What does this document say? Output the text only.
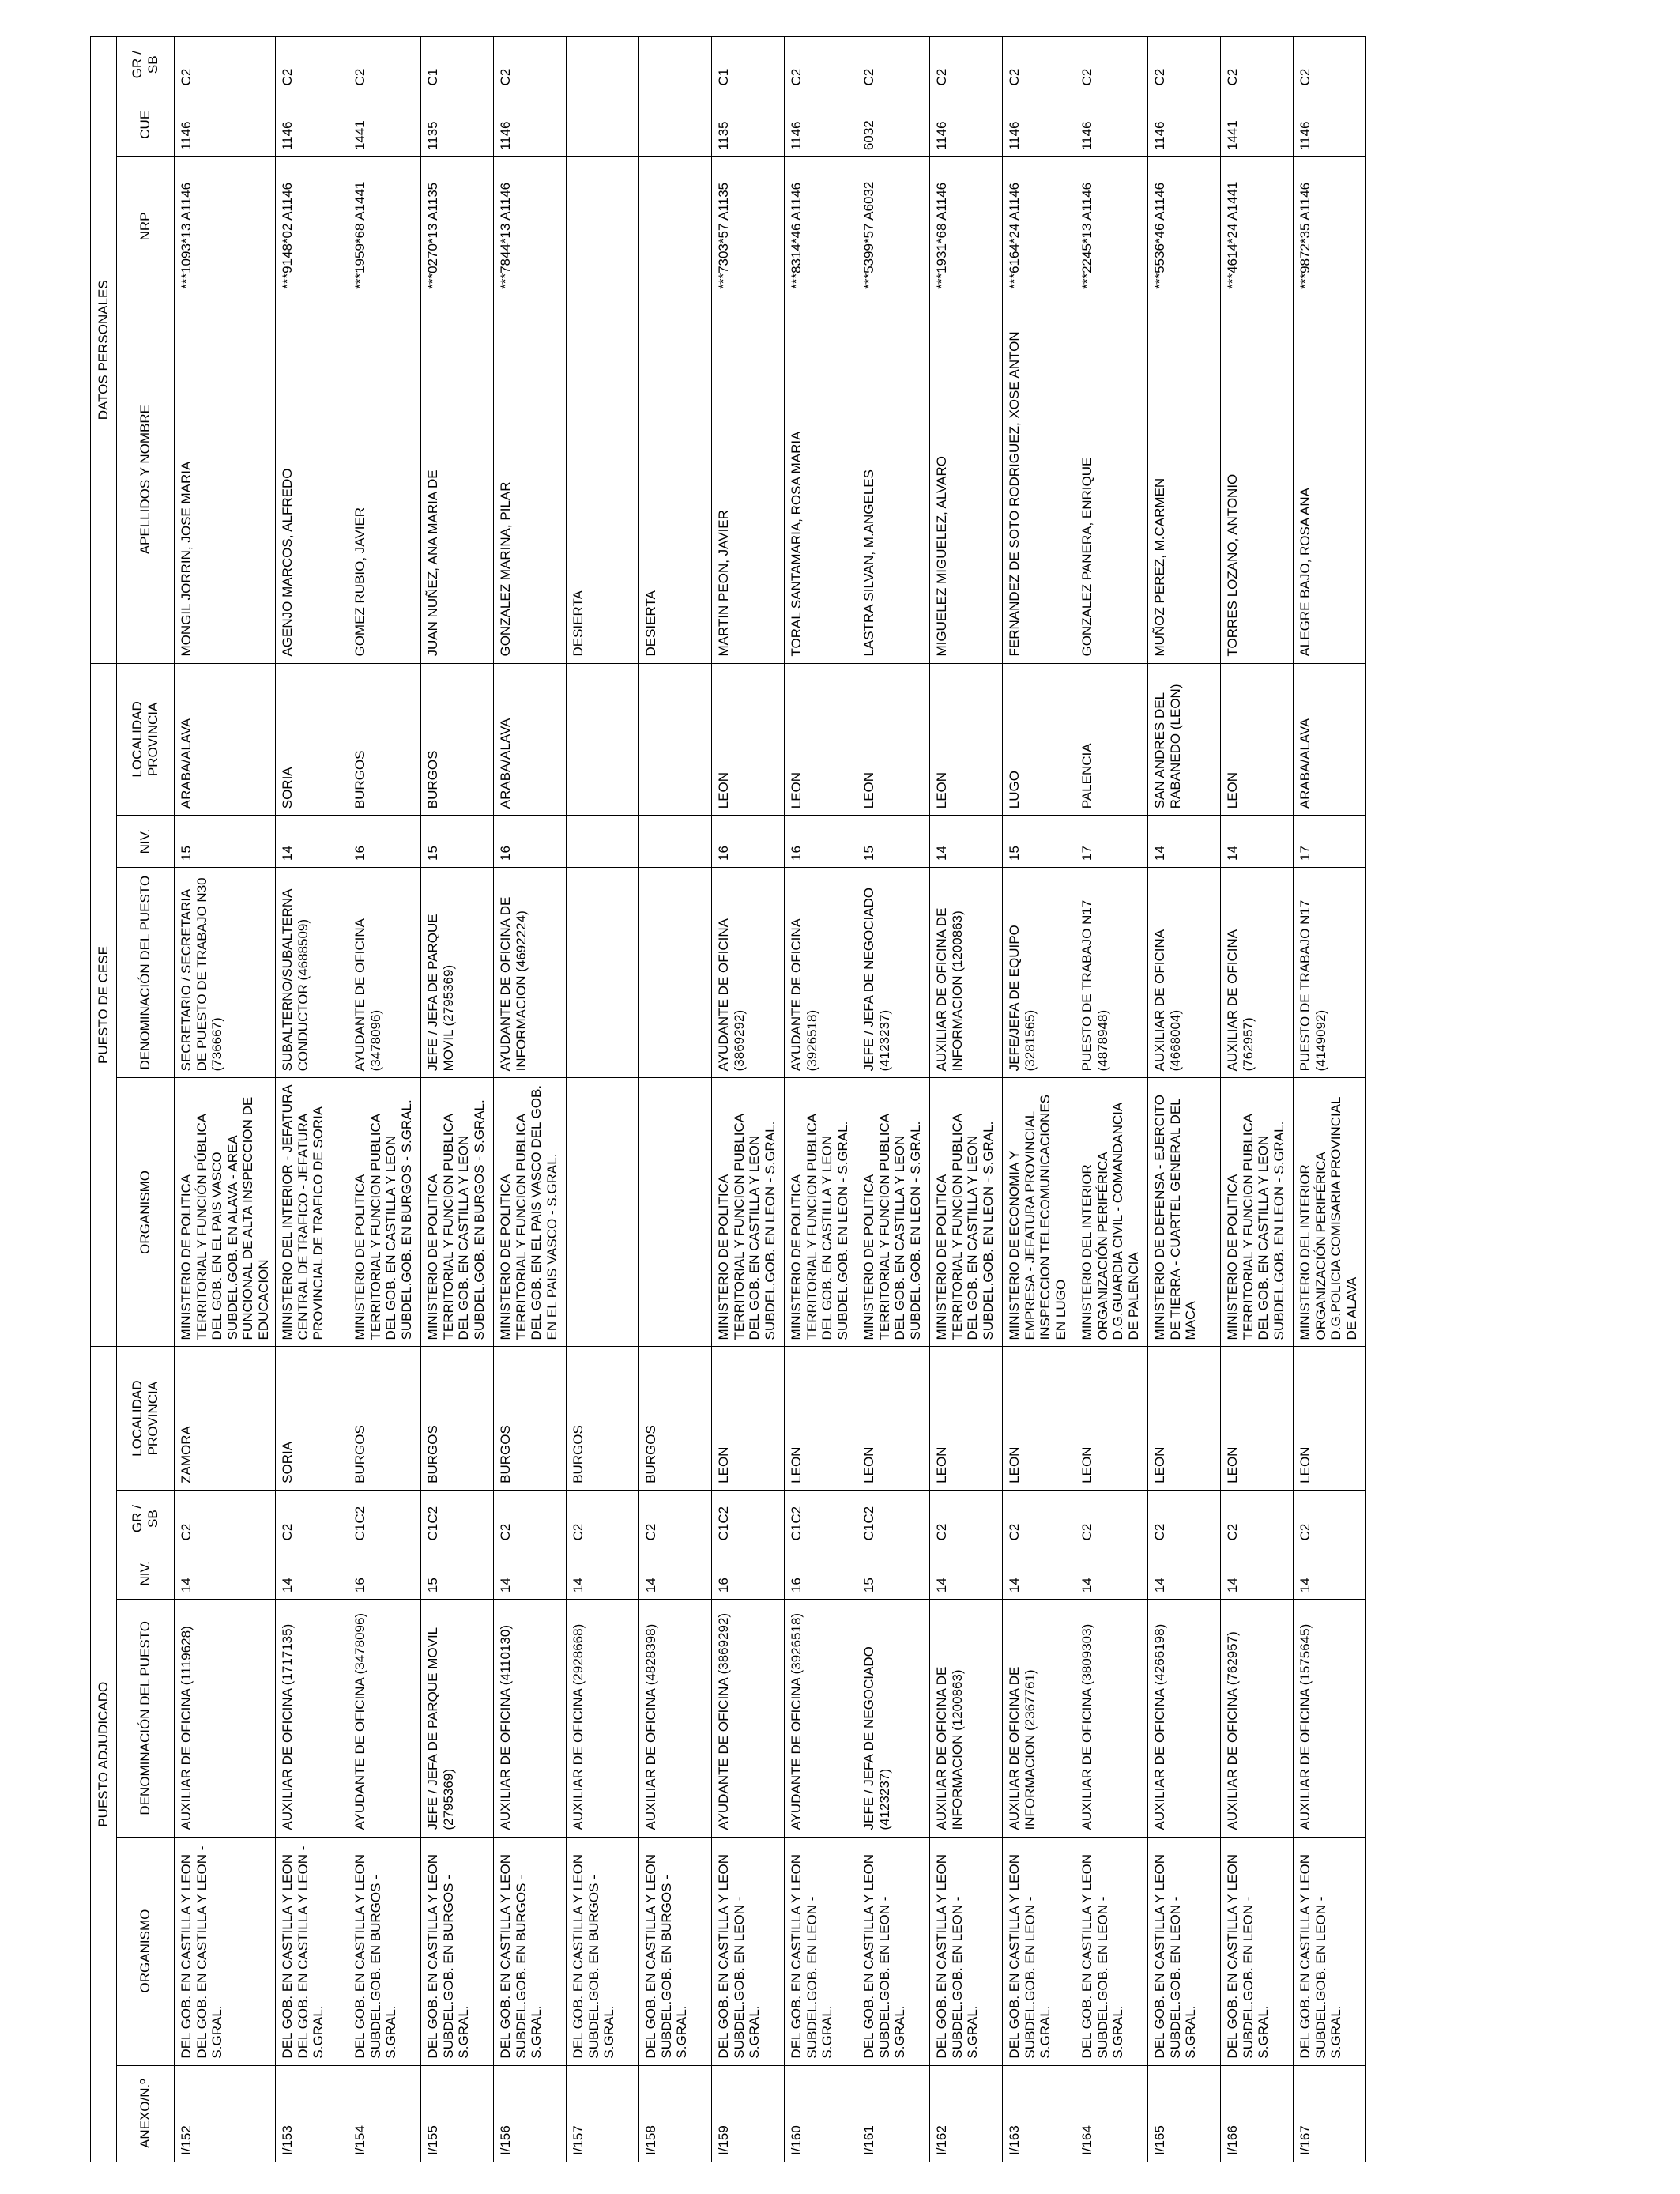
PUESTO ADJUDICADO						PUESTO DE CESE				DATOS PERSONALES			
ANEXO/N.º	ORGANISMO	DENOMINACIÓN DEL PUESTO	NIV.	GR / SB	LOCALIDAD PROVINCIA	ORGANISMO	DENOMINACIÓN DEL PUESTO	NIV.	LOCALIDAD PROVINCIA	APELLIDOS Y NOMBRE	NRP	CUE	GR / SB
I/152	DEL GOB. EN CASTILLA Y LEON DEL GOB. EN CASTILLA Y LEON - S.GRAL.	AUXILIAR DE OFICINA (1119628)	14	C2	ZAMORA	MINISTERIO DE POLITICA TERRITORIAL Y FUNCIÓN PÚBLICA DEL GOB. EN EL PAIS VASCO SUBDEL.GOB. EN ALAVA - AREA FUNCIONAL DE ALTA INSPECCION DE EDUCACION	SECRETARIO / SECRETARIA DE PUESTO DE TRABAJO N30 (736667)	15	ARABA/ALAVA	MONGIL JORRIN, JOSE MARIA	***1093*13 A1146	1146	C2
I/153	DEL GOB. EN CASTILLA Y LEON DEL GOB. EN CASTILLA Y LEON - S.GRAL.	AUXILIAR DE OFICINA (1717135)	14	C2	SORIA	MINISTERIO DEL INTERIOR - JEFATURA CENTRAL DE TRAFICO - JEFATURA PROVINCIAL DE TRAFICO DE SORIA	SUBALTERNO/SUBALTERNA CONDUCTOR (4688509)	14	SORIA	AGENJO MARCOS, ALFREDO	***9148*02 A1146	1146	C2
I/154	DEL GOB. EN CASTILLA Y LEON SUBDEL.GOB. EN BURGOS - S.GRAL.	AYUDANTE DE OFICINA (3478096)	16	C1C2	BURGOS	MINISTERIO DE POLITICA TERRITORIAL Y FUNCION PUBLICA DEL GOB. EN CASTILLA Y LEON SUBDEL.GOB. EN BURGOS - S.GRAL.	AYUDANTE DE OFICINA (3478096)	16	BURGOS	GOMEZ RUBIO, JAVIER	***1959*68 A1441	1441	C2
I/155	DEL GOB. EN CASTILLA Y LEON SUBDEL.GOB. EN BURGOS - S.GRAL.	JEFE / JEFA DE PARQUE MOVIL (2795369)	15	C1C2	BURGOS	MINISTERIO DE POLITICA TERRITORIAL Y FUNCION PUBLICA DEL GOB. EN CASTILLA Y LEON SUBDEL.GOB. EN BURGOS - S.GRAL.	JEFE / JEFA DE PARQUE MOVIL (2795369)	15	BURGOS	JUAN NUÑEZ, ANA MARIA DE	***0270*13 A1135	1135	C1
I/156	DEL GOB. EN CASTILLA Y LEON SUBDEL.GOB. EN BURGOS - S.GRAL.	AUXILIAR DE OFICINA (4110130)	14	C2	BURGOS	MINISTERIO DE POLITICA TERRITORIAL Y FUNCION PUBLICA DEL GOB. EN EL PAIS VASCO DEL GOB. EN EL PAIS VASCO - S.GRAL.	AYUDANTE DE OFICINA DE INFORMACION (4692224)	16	ARABA/ALAVA	GONZALEZ MARINA, PILAR	***7844*13 A1146	1146	C2
I/157	DEL GOB. EN CASTILLA Y LEON SUBDEL.GOB. EN BURGOS - S.GRAL.	AUXILIAR DE OFICINA (2928668)	14	C2	BURGOS					DESIERTA			
I/158	DEL GOB. EN CASTILLA Y LEON SUBDEL.GOB. EN BURGOS - S.GRAL.	AUXILIAR DE OFICINA (4828398)	14	C2	BURGOS					DESIERTA			
I/159	DEL GOB. EN CASTILLA Y LEON SUBDEL.GOB. EN LEON - S.GRAL.	AYUDANTE DE OFICINA (3869292)	16	C1C2	LEON	MINISTERIO DE POLITICA TERRITORIAL Y FUNCION PUBLICA DEL GOB. EN CASTILLA Y LEON SUBDEL.GOB. EN LEON - S.GRAL.	AYUDANTE DE OFICINA (3869292)	16	LEON	MARTIN PEON, JAVIER	***7303*57 A1135	1135	C1
I/160	DEL GOB. EN CASTILLA Y LEON SUBDEL.GOB. EN LEON - S.GRAL.	AYUDANTE DE OFICINA (3926518)	16	C1C2	LEON	MINISTERIO DE POLITICA TERRITORIAL Y FUNCION PUBLICA DEL GOB. EN CASTILLA Y LEON SUBDEL.GOB. EN LEON - S.GRAL.	AYUDANTE DE OFICINA (3926518)	16	LEON	TORAL SANTAMARIA, ROSA MARIA	***8314*46 A1146	1146	C2
I/161	DEL GOB. EN CASTILLA Y LEON SUBDEL.GOB. EN LEON - S.GRAL.	JEFE / JEFA DE NEGOCIADO (4123237)	15	C1C2	LEON	MINISTERIO DE POLITICA TERRITORIAL Y FUNCION PUBLICA DEL GOB. EN CASTILLA Y LEON SUBDEL.GOB. EN LEON - S.GRAL.	JEFE / JEFA DE NEGOCIADO (4123237)	15	LEON	LASTRA SILVAN, M.ANGELES	***5399*57 A6032	6032	C2
I/162	DEL GOB. EN CASTILLA Y LEON SUBDEL.GOB. EN LEON - S.GRAL.	AUXILIAR DE OFICINA DE INFORMACION (1200863)	14	C2	LEON	MINISTERIO DE POLITICA TERRITORIAL Y FUNCION PUBLICA DEL GOB. EN CASTILLA Y LEON SUBDEL.GOB. EN LEON - S.GRAL.	AUXILIAR DE OFICINA DE INFORMACION (1200863)	14	LEON	MIGUELEZ MIGUELEZ, ALVARO	***1931*68 A1146	1146	C2
I/163	DEL GOB. EN CASTILLA Y LEON SUBDEL.GOB. EN LEON - S.GRAL.	AUXILIAR DE OFICINA DE INFORMACION (2367761)	14	C2	LEON	MINISTERIO DE ECONOMIA Y EMPRESA - JEFATURA PROVINCIAL INSPECCION TELECOMUNICACIONES EN LUGO	JEFE/JEFA DE EQUIPO (3281565)	15	LUGO	FERNANDEZ DE SOTO RODRIGUEZ, XOSE ANTON	***6164*24 A1146	1146	C2
I/164	DEL GOB. EN CASTILLA Y LEON SUBDEL.GOB. EN LEON - S.GRAL.	AUXILIAR DE OFICINA (3809303)	14	C2	LEON	MINISTERIO DEL INTERIOR ORGANIZACIÓN PERIFÉRICA D.G.GUARDIA CIVIL - COMANDANCIA DE PALENCIA	PUESTO DE TRABAJO N17 (4878948)	17	PALENCIA	GONZALEZ PANERA, ENRIQUE	***2245*13 A1146	1146	C2
I/165	DEL GOB. EN CASTILLA Y LEON SUBDEL.GOB. EN LEON - S.GRAL.	AUXILIAR DE OFICINA (4266198)	14	C2	LEON	MINISTERIO DE DEFENSA - EJERCITO DE TIERRA - CUARTEL GENERAL DEL MACA	AUXILIAR DE OFICINA (4668004)	14	SAN ANDRES DEL RABANEDO (LEON)	MUÑOZ PEREZ, M.CARMEN	***5536*46 A1146	1146	C2
I/166	DEL GOB. EN CASTILLA Y LEON SUBDEL.GOB. EN LEON - S.GRAL.	AUXILIAR DE OFICINA (762957)	14	C2	LEON	MINISTERIO DE POLITICA TERRITORIAL Y FUNCION PUBLICA DEL GOB. EN CASTILLA Y LEON SUBDEL.GOB. EN LEON - S.GRAL.	AUXILIAR DE OFICINA (762957)	14	LEON	TORRES LOZANO, ANTONIO	***4614*24 A1441	1441	C2
I/167	DEL GOB. EN CASTILLA Y LEON SUBDEL.GOB. EN LEON - S.GRAL.	AUXILIAR DE OFICINA (1575645)	14	C2	LEON	MINISTERIO DEL INTERIOR ORGANIZACIÓN PERIFÉRICA D.G.POLICIA COMISARIA PROVINCIAL DE ALAVA	PUESTO DE TRABAJO N17 (4149092)	17	ARABA/ALAVA	ALEGRE BAJO, ROSA ANA	***9872*35 A1146	1146	C2
